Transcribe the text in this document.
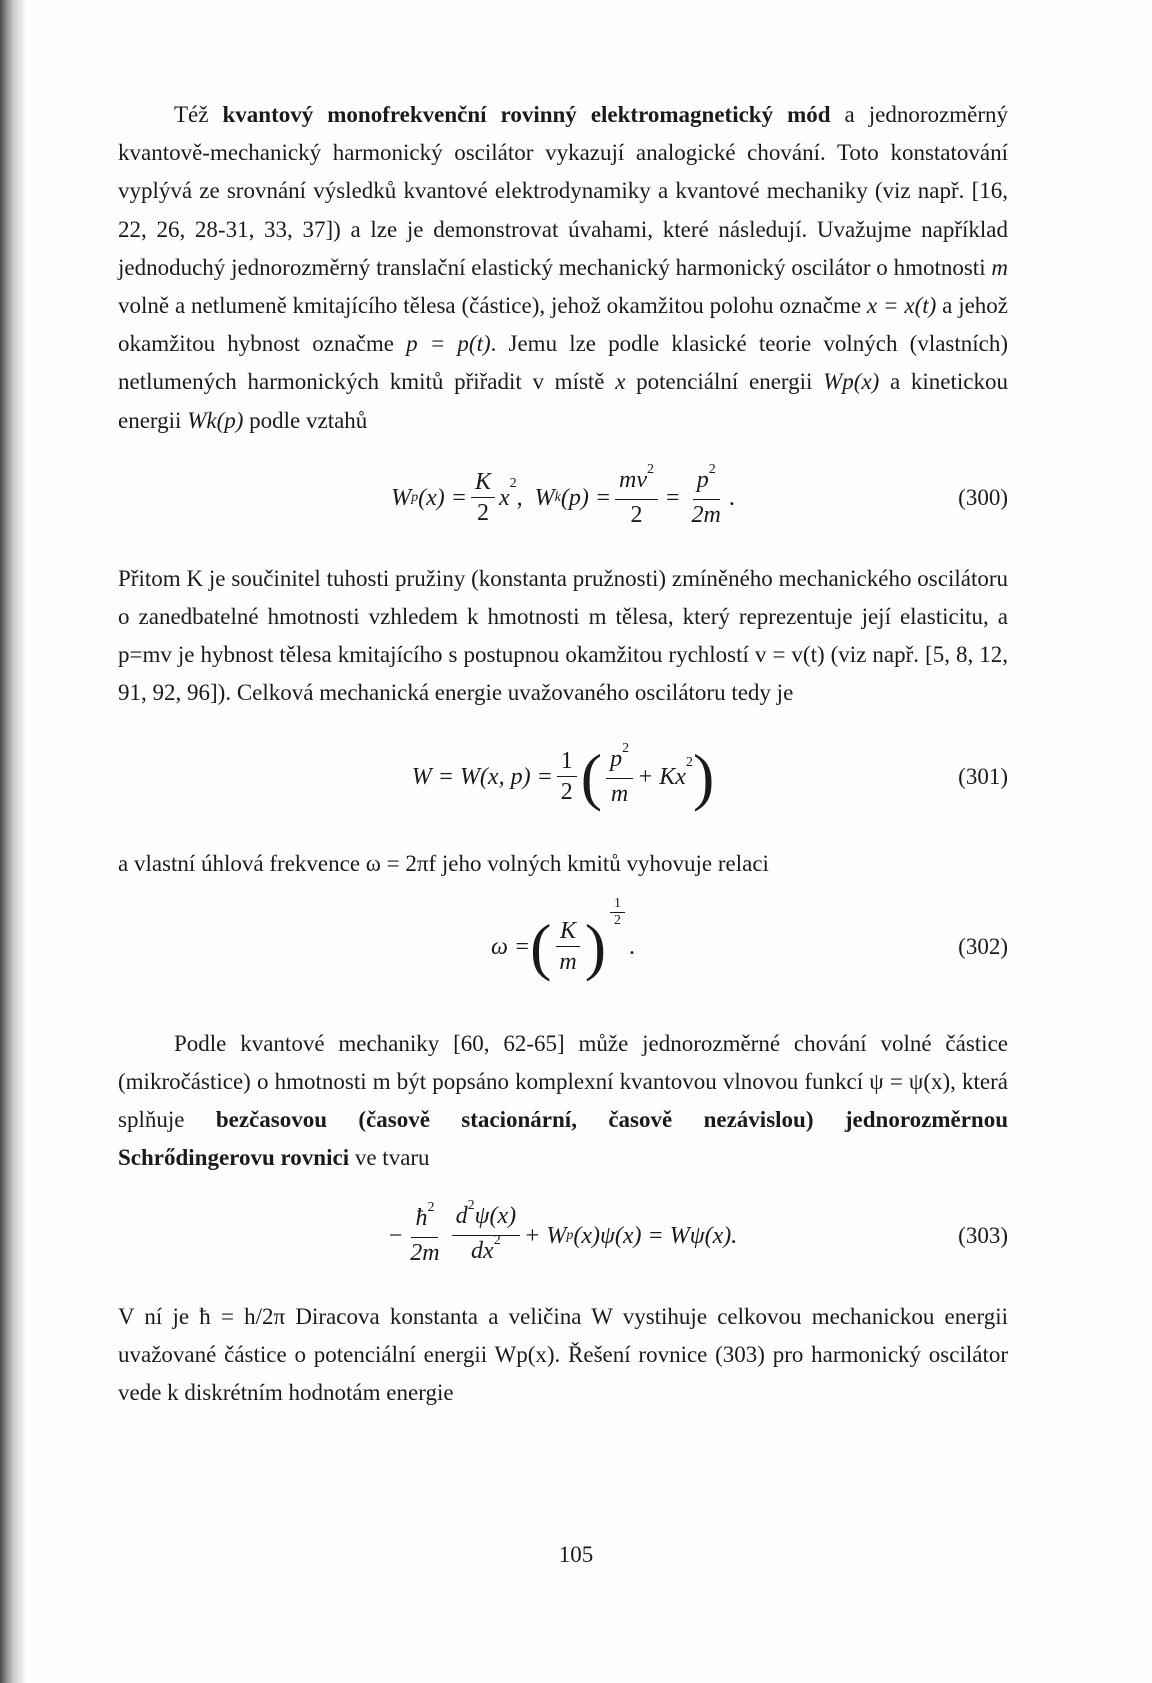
Též kvantový monofrekvenční rovinný elektromagnetický mód a jednorozměrný kvantově-mechanický harmonický oscilátor vykazují analogické chování. Toto konstatování vyplývá ze srovnání výsledků kvantové elektrodynamiky a kvantové mechaniky (viz např. [16, 22, 26, 28-31, 33, 37]) a lze je demonstrovat úvahami, které následují. Uvažujme například jednoduchý jednorozměrný translační elastický mechanický harmonický oscilátor o hmotnosti m volně a netlumeně kmitajícího tělesa (částice), jehož okamžitou polohu označme x = x(t) a jehož okamžitou hybnost označme p = p(t). Jemu lze podle klasické teorie volných (vlastních) netlumených harmonických kmitů přiřadit v místě x potenciální energii Wp(x) a kinetickou energii Wk(p) podle vztahů

W p $(x) = \frac{K}{2}$ x
2
, W k $(p) = \frac{mv^2}{2} = \frac{p^2}{2m}$ .	(300)

Přitom K je součinitel tuhosti pružiny (konstanta pružnosti) zmíněného mechanického oscilátoru o zanedbatelné hmotnosti vzhledem k hmotnosti m tělesa, který reprezentuje její elasticitu, a p=mv je hybnost tělesa kmitajícího s postupnou okamžitou rychlostí v = v(t) (viz např. [5, 8, 12, 91, 92, 96]). Celková mechanická energie uvažovaného oscilátoru tedy je

W = W(x, $p) = \frac{1}{2}$ ( $\frac{p^2}{m} + Kx$
2 )	(301)

a vlastní úhlová frekvence ω = 2πf jeho volných kmitů vyhovuje relaci

ω = ( $\frac{K}{m}$ ) $\frac{1}{2}$
.	(302)

Podle kvantové mechaniky [60, 62-65] může jednorozměrné chování volné částice (mikročástice) o hmotnosti m být popsáno komplexní kvantovou vlnovou funkcí ψ = ψ(x), která splňuje bezčasovou (časově stacionární, časově nezávislou) jednorozměrnou Schrődingerovu rovnici ve tvaru

− $\frac{ħ^2}{2m} \frac{d^2\psi(x)}{dx^2} + W$ p (x)ψ(x) = Wψ(x).	(303)

V ní je ħ = h/2π Diracova konstanta a veličina W vystihuje celkovou mechanickou energii uvažované částice o potenciální energii Wp(x). Řešení rovnice (303) pro harmonický oscilátor vede k diskrétním hodnotám energie

105
